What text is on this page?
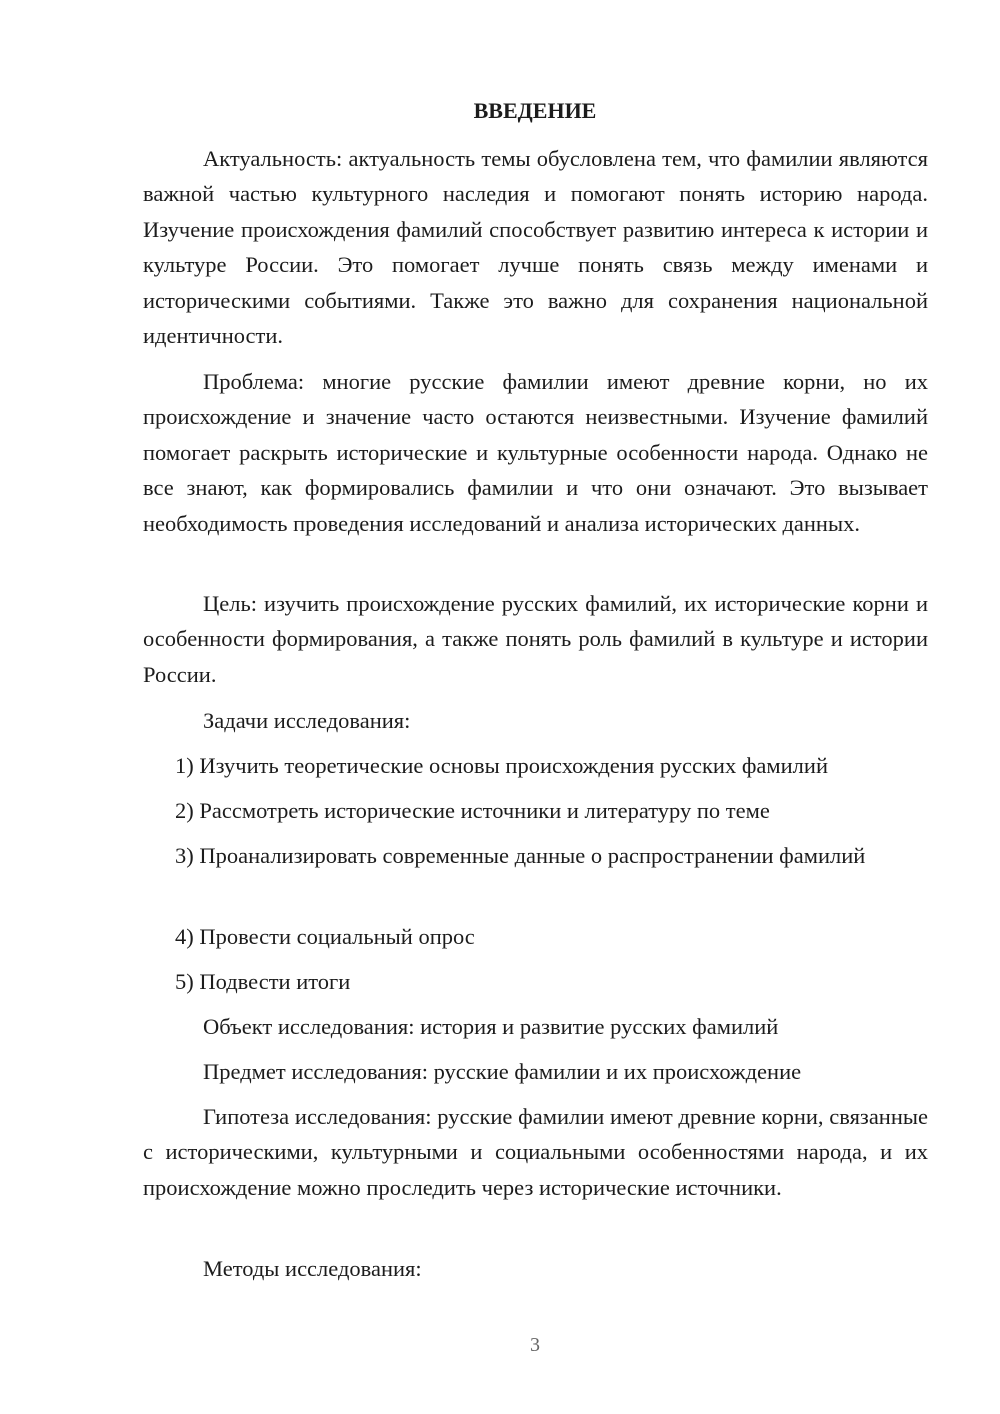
ВВЕДЕНИЕ

Актуальность: актуальность темы обусловлена тем, что фамилии являются важной частью культурного наследия и помогают понять историю народа. Изучение происхождения фамилий способствует развитию интереса к истории и культуре России. Это помогает лучше понять связь между именами и историческими событиями. Также это важно для сохранения национальной идентичности.

Проблема: многие русские фамилии имеют древние корни, но их происхождение и значение часто остаются неизвестными. Изучение фамилий помогает раскрыть исторические и культурные особенности народа. Однако не все знают, как формировались фамилии и что они означают. Это вызывает необходимость проведения исследований и анализа исторических данных.

Цель: изучить происхождение русских фамилий, их исторические корни и особенности формирования, а также понять роль фамилий в культуре и истории России.

Задачи исследования:

1) Изучить теоретические основы происхождения русских фамилий

2) Рассмотреть исторические источники и литературу по теме

3) Проанализировать современные данные о распространении фамилий

4) Провести социальный опрос

5) Подвести итоги

Объект исследования: история и развитие русских фамилий

Предмет исследования: русские фамилии и их происхождение

Гипотеза исследования: русские фамилии имеют древние корни, связанные с историческими, культурными и социальными особенностями народа, и их происхождение можно проследить через исторические источники.

Методы исследования:

3
